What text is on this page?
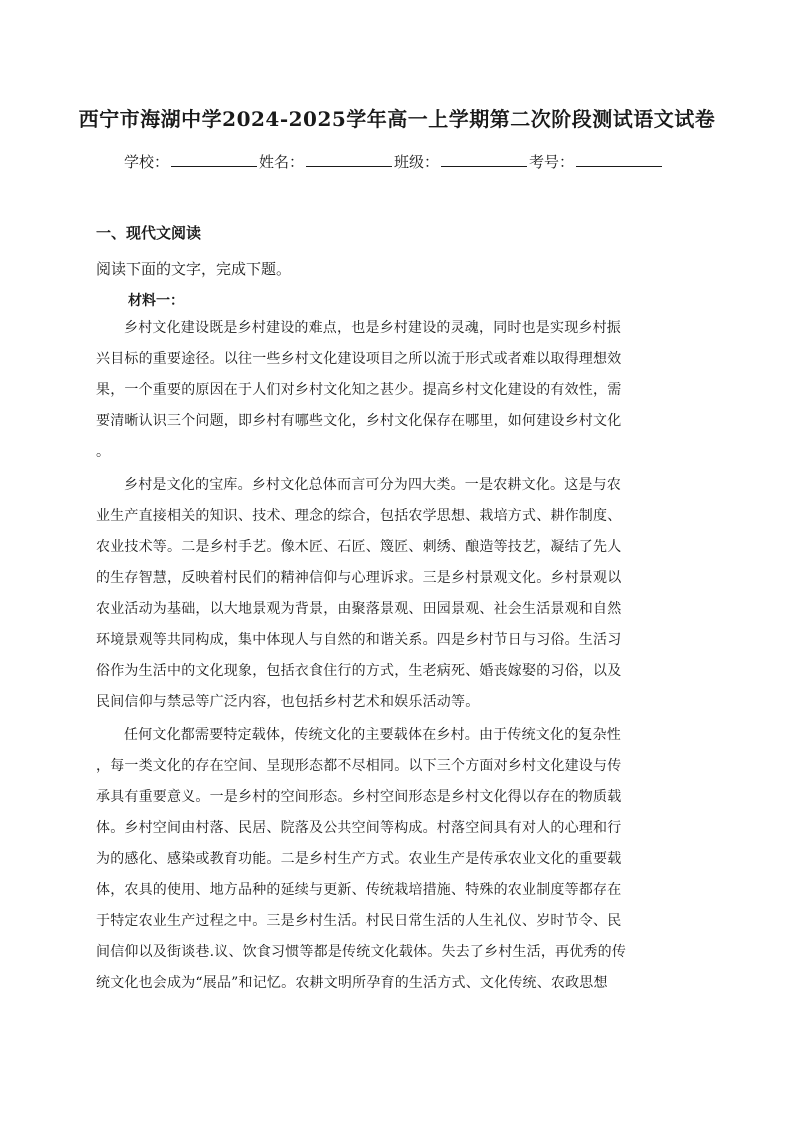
西宁市海湖中学2024-2025学年高一上学期第二次阶段测试语文试卷
学校：	姓名：	班级：	考号：
一、现代文阅读
阅读下面的文字，完成下题。
材料一：
乡村文化建设既是乡村建设的难点，也是乡村建设的灵魂，同时也是实现乡村振
兴目标的重要途径。以往一些乡村文化建设项目之所以流于形式或者难以取得理想效
果，一个重要的原因在于人们对乡村文化知之甚少。提高乡村文化建设的有效性，需
要清晰认识三个问题，即乡村有哪些文化，乡村文化保存在哪里，如何建设乡村文化
。
乡村是文化的宝库。乡村文化总体而言可分为四大类。一是农耕文化。这是与农
业生产直接相关的知识、技术、理念的综合，包括农学思想、栽培方式、耕作制度、
农业技术等。二是乡村手艺。像木匠、石匠、篾匠、刺绣、酿造等技艺，凝结了先人
的生存智慧，反映着村民们的精神信仰与心理诉求。三是乡村景观文化。乡村景观以
农业活动为基础，以大地景观为背景，由聚落景观、田园景观、社会生活景观和自然
环境景观等共同构成，集中体现人与自然的和谐关系。四是乡村节日与习俗。生活习
俗作为生活中的文化现象，包括衣食住行的方式，生老病死、婚丧嫁娶的习俗，以及
民间信仰与禁忌等广泛内容，也包括乡村艺术和娱乐活动等。
任何文化都需要特定载体，传统文化的主要载体在乡村。由于传统文化的复杂性
，每一类文化的存在空间、呈现形态都不尽相同。以下三个方面对乡村文化建设与传
承具有重要意义。一是乡村的空间形态。乡村空间形态是乡村文化得以存在的物质载
体。乡村空间由村落、民居、院落及公共空间等构成。村落空间具有对人的心理和行
为的感化、感染或教育功能。二是乡村生产方式。农业生产是传承农业文化的重要载
体，农具的使用、地方品种的延续与更新、传统栽培措施、特殊的农业制度等都存在
于特定农业生产过程之中。三是乡村生活。村民日常生活的人生礼仪、岁时节令、民
间信仰以及街谈巷.议、饮食习惯等都是传统文化载体。失去了乡村生活，再优秀的传
统文化也会成为“展品”和记忆。农耕文明所孕育的生活方式、文化传统、农政思想
